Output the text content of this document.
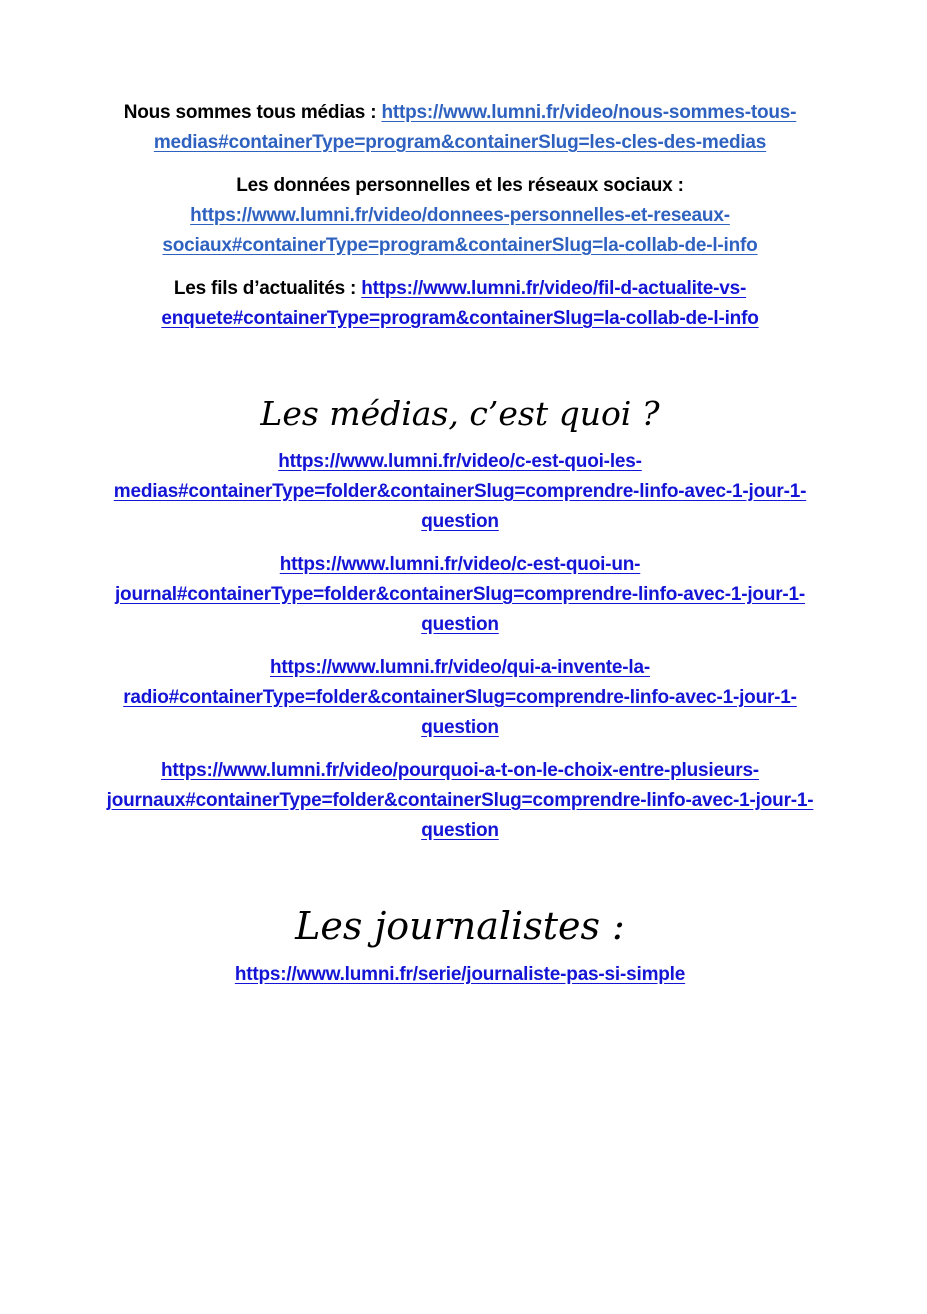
Nous sommes tous médias : https://www.lumni.fr/video/nous-sommes-tous-medias#containerType=program&containerSlug=les-cles-des-medias

Les données personnelles et les réseaux sociaux :
https://www.lumni.fr/video/donnees-personnelles-et-reseaux-sociaux#containerType=program&containerSlug=la-collab-de-l-info

Les fils d’actualités : https://www.lumni.fr/video/fil-d-actualite-vs-enquete#containerType=program&containerSlug=la-collab-de-l-info

Les médias, c’est quoi ?

https://www.lumni.fr/video/c-est-quoi-les-medias#containerType=folder&containerSlug=comprendre-linfo-avec-1-jour-1-question

https://www.lumni.fr/video/c-est-quoi-un-journal#containerType=folder&containerSlug=comprendre-linfo-avec-1-jour-1-question

https://www.lumni.fr/video/qui-a-invente-la-radio#containerType=folder&containerSlug=comprendre-linfo-avec-1-jour-1-question

https://www.lumni.fr/video/pourquoi-a-t-on-le-choix-entre-plusieurs-journaux#containerType=folder&containerSlug=comprendre-linfo-avec-1-jour-1-question

Les journalistes :

https://www.lumni.fr/serie/journaliste-pas-si-simple
